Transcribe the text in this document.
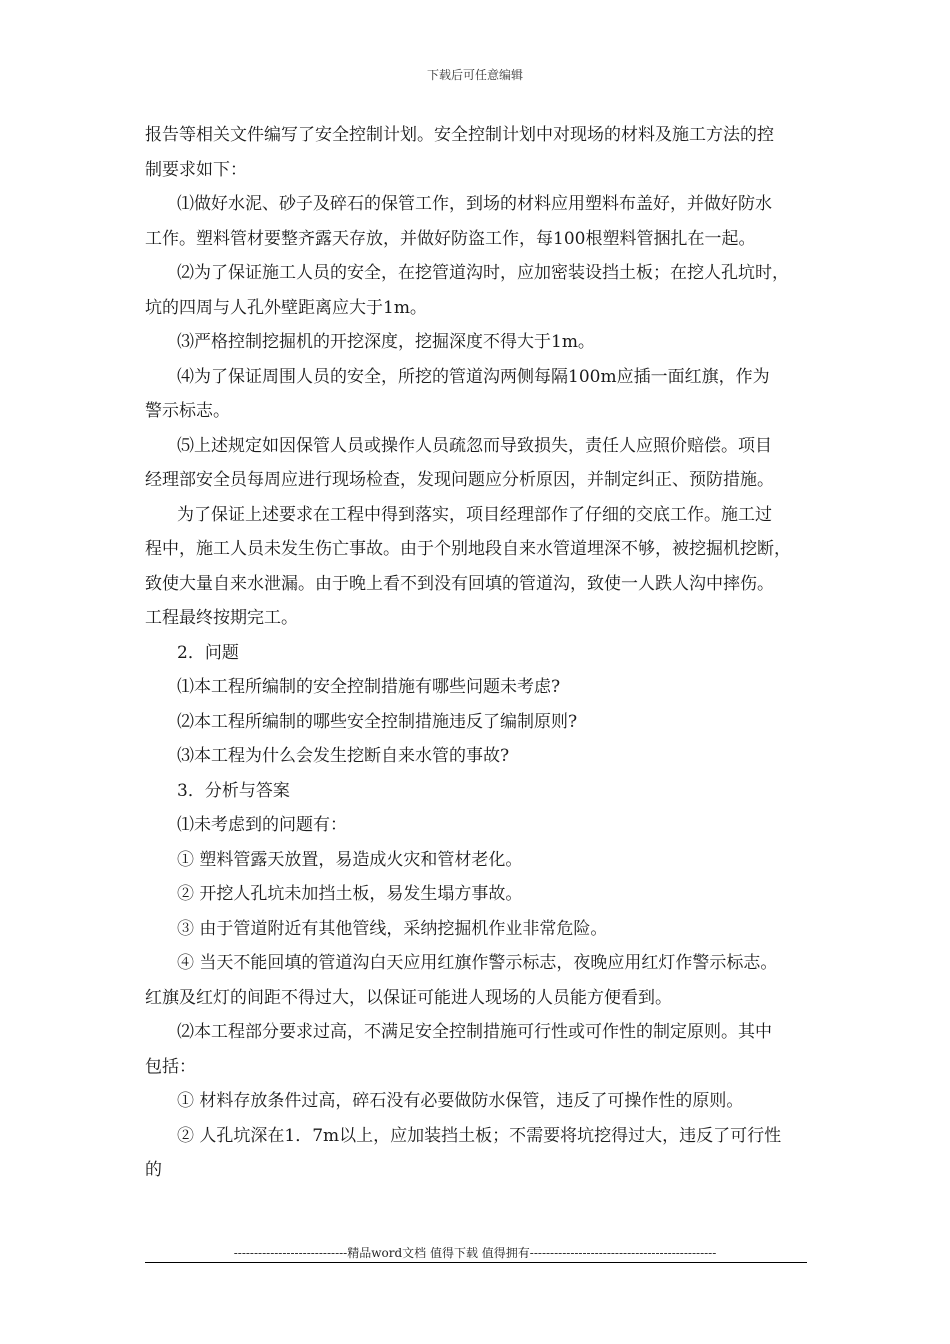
下载后可任意编辑
报告等相关文件编写了安全控制计划。安全控制计划中对现场的材料及施工方法的控
制要求如下：
⑴做好水泥、砂子及碎石的保管工作，到场的材料应用塑料布盖好，并做好防水
工作。塑料管材要整齐露天存放，并做好防盗工作，每100根塑料管捆扎在一起。
⑵为了保证施工人员的安全，在挖管道沟时，应加密装设挡土板；在挖人孔坑时，
坑的四周与人孔外壁距离应大于1m。
⑶严格控制挖掘机的开挖深度，挖掘深度不得大于1m。
⑷为了保证周围人员的安全，所挖的管道沟两侧每隔100m应插一面红旗，作为
警示标志。
⑸上述规定如因保管人员或操作人员疏忽而导致损失，责任人应照价赔偿。项目
经理部安全员每周应进行现场检查，发现问题应分析原因，并制定纠正、预防措施。
为了保证上述要求在工程中得到落实，项目经理部作了仔细的交底工作。施工过
程中，施工人员未发生伤亡事故。由于个别地段自来水管道埋深不够，被挖掘机挖断，
致使大量自来水泄漏。由于晚上看不到没有回填的管道沟，致使一人跌人沟中摔伤。
工程最终按期完工。
2．问题
⑴本工程所编制的安全控制措施有哪些问题未考虑?
⑵本工程所编制的哪些安全控制措施违反了编制原则?
⑶本工程为什么会发生挖断自来水管的事故?
3．分析与答案
⑴未考虑到的问题有：
① 塑料管露天放置，易造成火灾和管材老化。
② 开挖人孔坑未加挡土板，易发生塌方事故。
③ 由于管道附近有其他管线，采纳挖掘机作业非常危险。
④ 当天不能回填的管道沟白天应用红旗作警示标志，夜晚应用红灯作警示标志。
红旗及红灯的间距不得过大，以保证可能进人现场的人员能方便看到。
⑵本工程部分要求过高，不满足安全控制措施可行性或可作性的制定原则。其中
包括：
① 材料存放条件过高，碎石没有必要做防水保管，违反了可操作性的原则。
② 人孔坑深在1．7m以上，应加装挡土板；不需要将坑挖得过大，违反了可行性
的
----------------------------精品word文档 值得下载 值得拥有----------------------------------------------
